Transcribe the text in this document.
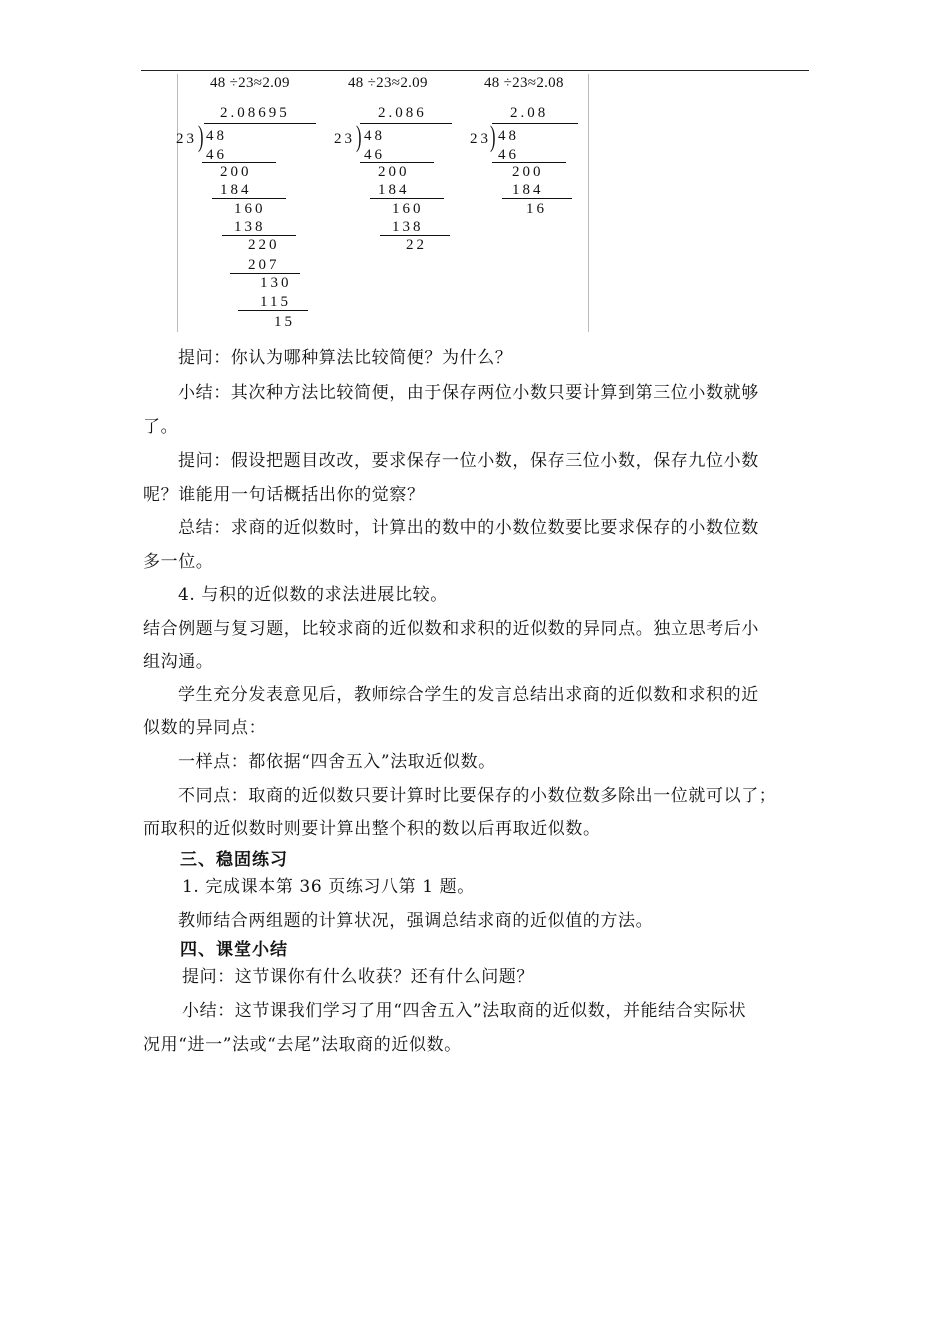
48 ÷23≈2.09
2.08695
23 ) 48
46
200
184
160
138
220
207
130
115
15
48 ÷23≈2.09
2.086
23 ) 48
46
200
184
160
138
22
48 ÷23≈2.08
2.08
23 ) 48
46
200
184
16
提问：你认为哪种算法比较简便？为什么？
小结：其次种方法比较简便，由于保存两位小数只要计算到第三位小数就够
了。
提问：假设把题目改改，要求保存一位小数，保存三位小数，保存九位小数
呢？谁能用一句话概括出你的觉察？
总结：求商的近似数时，计算出的数中的小数位数要比要求保存的小数位数
多一位。
4. 与积的近似数的求法进展比较。
结合例题与复习题，比较求商的近似数和求积的近似数的异同点。独立思考后小
组沟通。
学生充分发表意见后，教师综合学生的发言总结出求商的近似数和求积的近
似数的异同点：
一样点：都依据“四舍五入”法取近似数。
不同点：取商的近似数只要计算时比要保存的小数位数多除出一位就可以了；
而取积的近似数时则要计算出整个积的数以后再取近似数。
三、稳固练习
1. 完成课本第 36 页练习八第 1 题。
教师结合两组题的计算状况，强调总结求商的近似值的方法。
四、课堂小结
提问：这节课你有什么收获？还有什么问题？
小结：这节课我们学习了用“四舍五入”法取商的近似数，并能结合实际状
况用“进一”法或“去尾”法取商的近似数。
